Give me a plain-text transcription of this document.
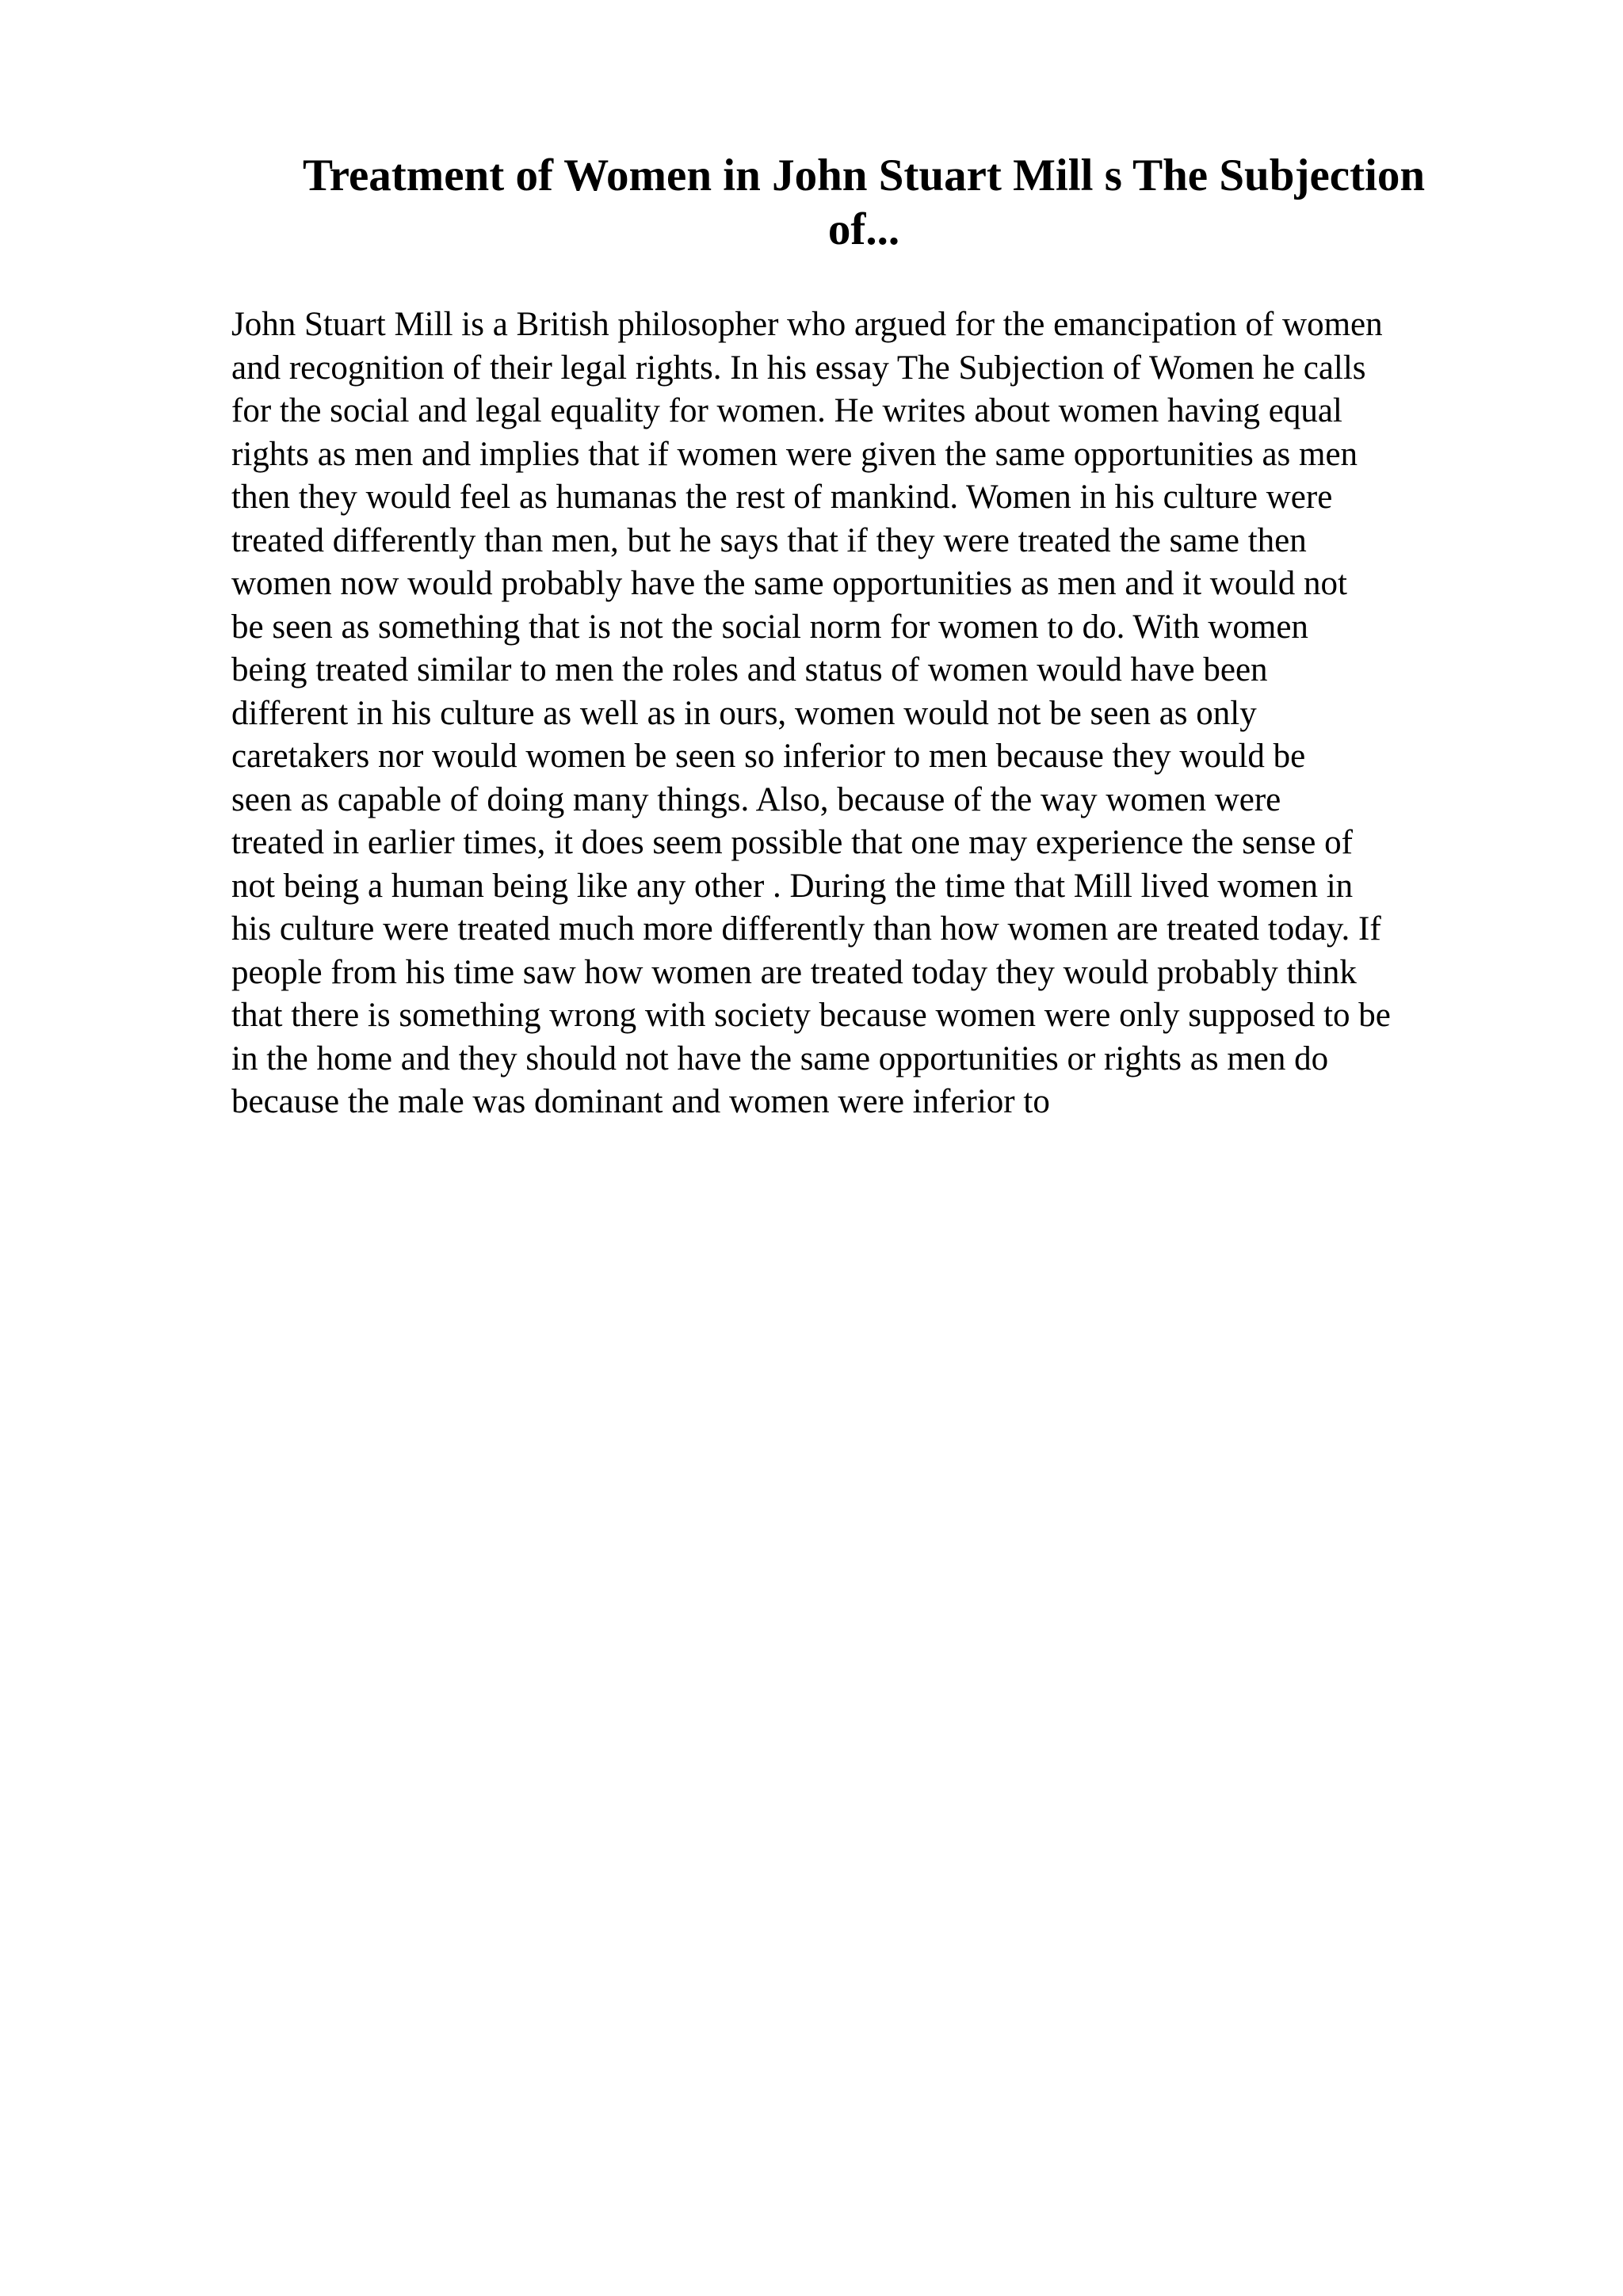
Treatment of Women in John Stuart Mill s The Subjection
of...
John Stuart Mill is a British philosopher who argued for the emancipation of women
and recognition of their legal rights. In his essay The Subjection of Women he calls
for the social and legal equality for women. He writes about women having equal
rights as men and implies that if women were given the same opportunities as men
then they would feel as humanas the rest of mankind. Women in his culture were
treated differently than men, but he says that if they were treated the same then
women now would probably have the same opportunities as men and it would not
be seen as something that is not the social norm for women to do. With women
being treated similar to men the roles and status of women would have been
different in his culture as well as in ours, women would not be seen as only
caretakers nor would women be seen so inferior to men because they would be
seen as capable of doing many things. Also, because of the way women were
treated in earlier times, it does seem possible that one may experience the sense of
not being a human being like any other . During the time that Mill lived women in
his culture were treated much more differently than how women are treated today. If
people from his time saw how women are treated today they would probably think
that there is something wrong with society because women were only supposed to be
in the home and they should not have the same opportunities or rights as men do
because the male was dominant and women were inferior to
